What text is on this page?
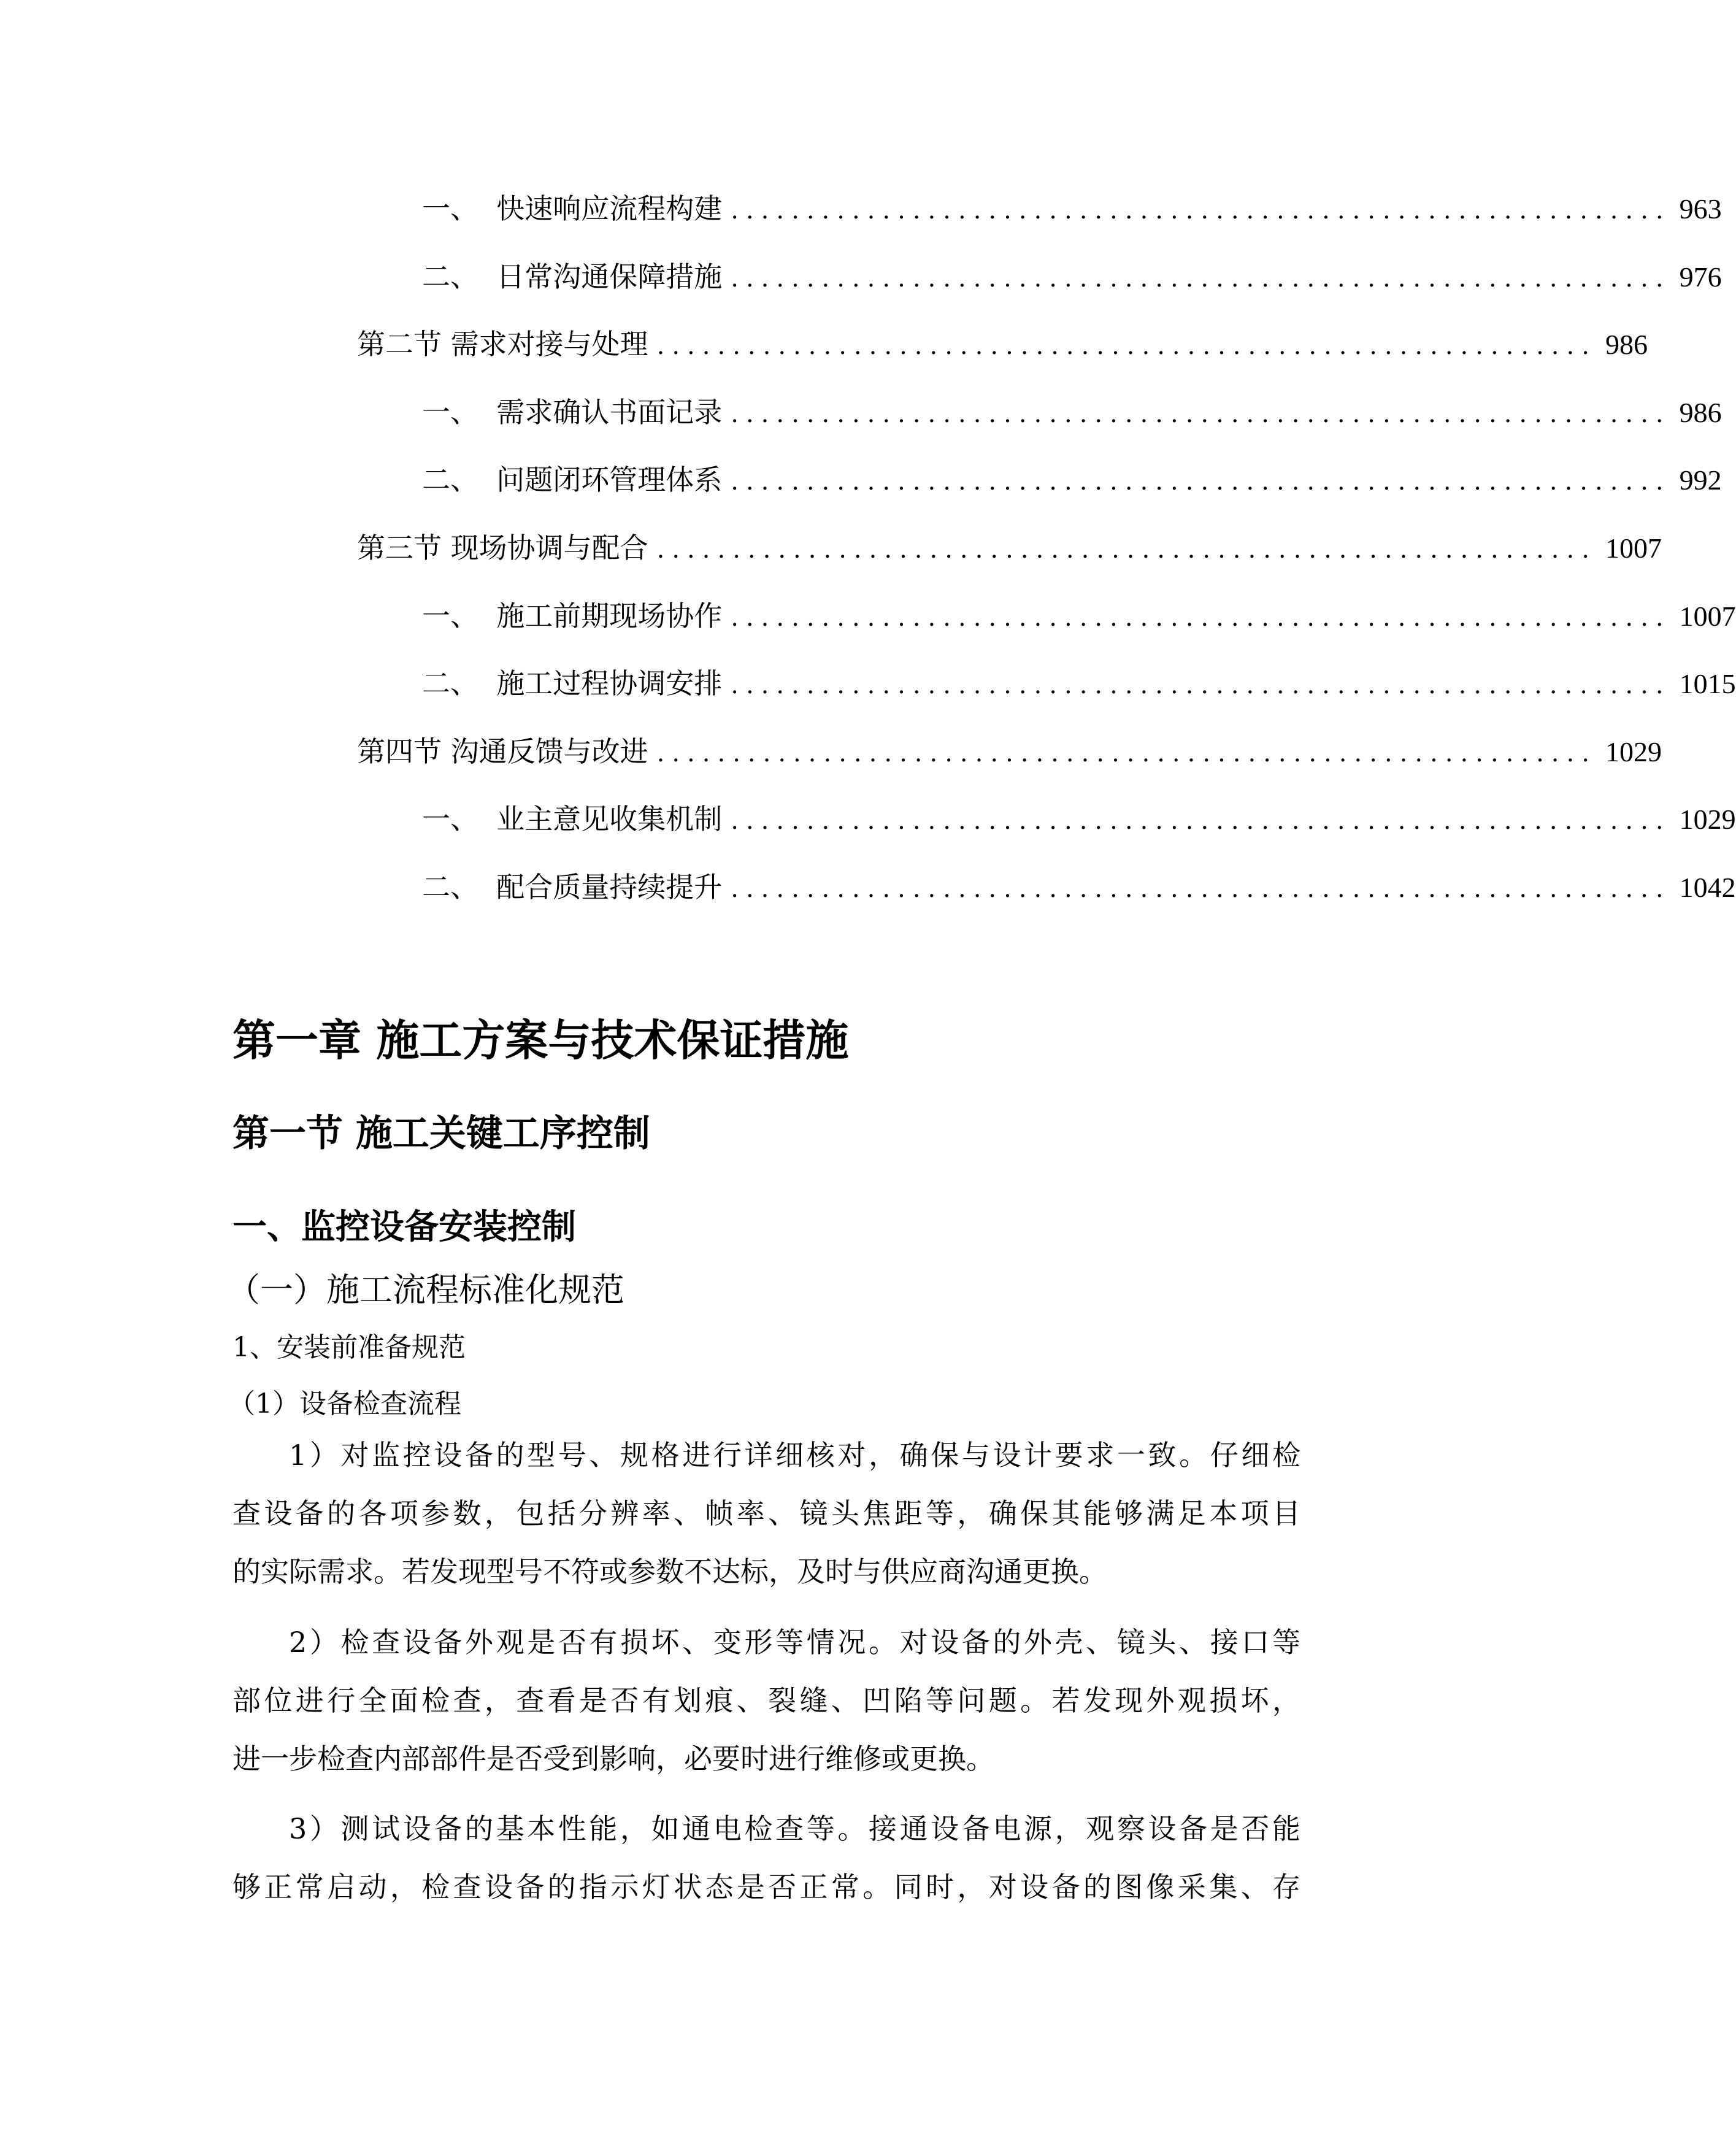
一、  快速响应流程构建 .............................................................. 963
二、  日常沟通保障措施 .............................................................. 976
第二节 需求对接与处理 .............................................................. 986
一、  需求确认书面记录 .............................................................. 986
二、  问题闭环管理体系 .............................................................. 992
第三节 现场协调与配合 .............................................................. 1007
一、  施工前期现场协作 .............................................................. 1007
二、  施工过程协调安排 .............................................................. 1015
第四节 沟通反馈与改进 .............................................................. 1029
一、  业主意见收集机制 .............................................................. 1029
二、  配合质量持续提升 .............................................................. 1042
第一章 施工方案与技术保证措施
第一节 施工关键工序控制
一、监控设备安装控制
（一）施工流程标准化规范
1、安装前准备规范
（1）设备检查流程
1）对监控设备的型号、规格进行详细核对，确保与设计要求一致。仔细检
查设备的各项参数，包括分辨率、帧率、镜头焦距等，确保其能够满足本项目
的实际需求。若发现型号不符或参数不达标，及时与供应商沟通更换。
2）检查设备外观是否有损坏、变形等情况。对设备的外壳、镜头、接口等
部位进行全面检查，查看是否有划痕、裂缝、凹陷等问题。若发现外观损坏，
进一步检查内部部件是否受到影响，必要时进行维修或更换。
3）测试设备的基本性能，如通电检查等。接通设备电源，观察设备是否能
够正常启动，检查设备的指示灯状态是否正常。同时，对设备的图像采集、存
